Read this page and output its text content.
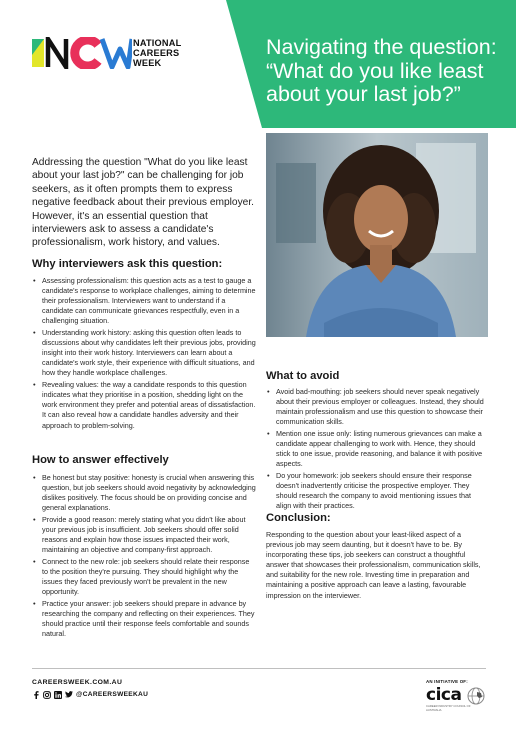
NATIONAL
CAREERS
WEEK
Navigating the question:
“What do you like least
about your last job?”
Addressing the question "What do you like least about your last job?" can be challenging for job seekers, as it often prompts them to express negative feedback about their previous employer. However, it's an essential question that interviewers ask to assess a candidate's professionalism, work history, and values.
Why interviewers ask this question:
• Assessing professionalism: this question acts as a test to gauge a candidate's response to workplace challenges, aiming to determine their professionalism. Interviewers want to understand if a candidate can communicate grievances respectfully, even in a challenging situation.
• Understanding work history: asking this question often leads to discussions about why candidates left their previous jobs, providing insight into their work history. Interviewers can learn about a candidate's work style, their experience with difficult situations, and how they handle workplace challenges.
• Revealing values: the way a candidate responds to this question indicates what they prioritise in a position, shedding light on the work environment they prefer and potential areas of dissatisfaction. It can also reveal how a candidate handles adversity and their approach to problem-solving.
How to answer effectively
• Be honest but stay positive: honesty is crucial when answering this question, but job seekers should avoid negativity by acknowledging dislikes positively. The focus should be on providing concise and general explanations.
• Provide a good reason: merely stating what you didn't like about your previous job is insufficient. Job seekers should offer solid reasons and explain how those issues impacted their work, maintaining an objective and company-first approach.
• Connect to the new role: job seekers should relate their response to the position they're pursuing. They should highlight why the issues they faced previously won't be prevalent in the new opportunity.
• Practice your answer: job seekers should prepare in advance by researching the company and reflecting on their experiences. They should practice until their response feels comfortable and sounds natural.
What to avoid
• Avoid bad-mouthing: job seekers should never speak negatively about their previous employer or colleagues. Instead, they should maintain professionalism and use this question to showcase their communication skills.
• Mention one issue only: listing numerous grievances can make a candidate appear challenging to work with. Hence, they should stick to one issue, provide reasoning, and balance it with positive aspects.
• Do your homework: job seekers should ensure their response doesn't inadvertently criticise the prospective employer. They should research the company to avoid mentioning issues that align with their practices.
Conclusion:
Responding to the question about your least-liked aspect of a previous job may seem daunting, but it doesn't have to be. By incorporating these tips, job seekers can construct a thoughtful answer that showcases their professionalism, communication skills, and suitability for the new role. Investing time in preparation and maintaining a positive approach can leave a lasting, favourable impression on the interviewer.
CAREERSWEEK.COM.AU
@CAREERSWEEKAU
AN INITIATIVE OF:
cica
CAREER INDUSTRY COUNCIL OF AUSTRALIA
